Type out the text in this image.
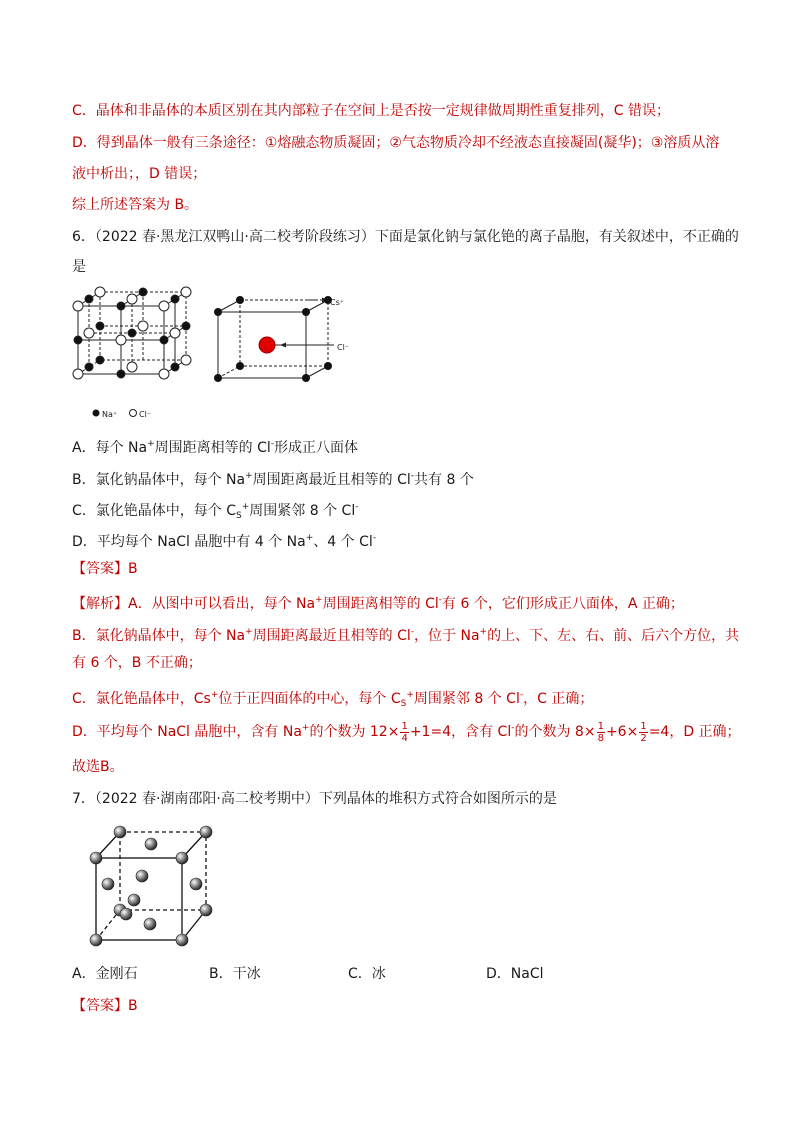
C．晶体和非晶体的本质区别在其内部粒子在空间上是否按一定规律做周期性重复排列，C 错误；
D．得到晶体一般有三条途径：①熔融态物质凝固；②气态物质冷却不经液态直接凝固(凝华)；③溶质从溶
液中析出；，D 错误；
综上所述答案为 B。
6．（2022 春·黑龙江双鸭山·高二校考阶段练习）下面是氯化钠与氯化铯的离子晶胞，有关叙述中，不正确的
是
Na⁺	Cl⁻
Cs⁺
Cl⁻
A．每个 Na+周围距离相等的 Cl-形成正八面体
B．氯化钠晶体中，每个 Na+周围距离最近且相等的 Cl-共有 8 个
C．氯化铯晶体中，每个 $C_S^+$周围紧邻 8 个 Cl-
D．平均每个 NaCl 晶胞中有 4 个 Na+、4 个 Cl-
【答案】B
【解析】A．从图中可以看出，每个 Na+周围距离相等的 Cl-有 6 个，它们形成正八面体，A 正确；
B．氯化钠晶体中，每个 Na+周围距离最近且相等的 Cl-，位于 Na+的上、下、左、右、前、后六个方位，共
有 6 个，B 不正确；
C．氯化铯晶体中，Cs+位于正四面体的中心，每个 $C_S^+$周围紧邻 8 个 Cl-，C 正确；
D．平均每个 NaCl 晶胞中，含有 Na+的个数为 $12\times \frac{1}{4} +1=4$，含有 Cl-的个数为 $8\times \frac{1}{8} +6\times \frac{1}{2} =4$，D 正确；
故选B。
7．（2022 春·湖南邵阳·高二校考期中）下列晶体的堆积方式符合如图所示的是
A．金刚石	B．干冰	C．冰	D．NaCl
【答案】B
